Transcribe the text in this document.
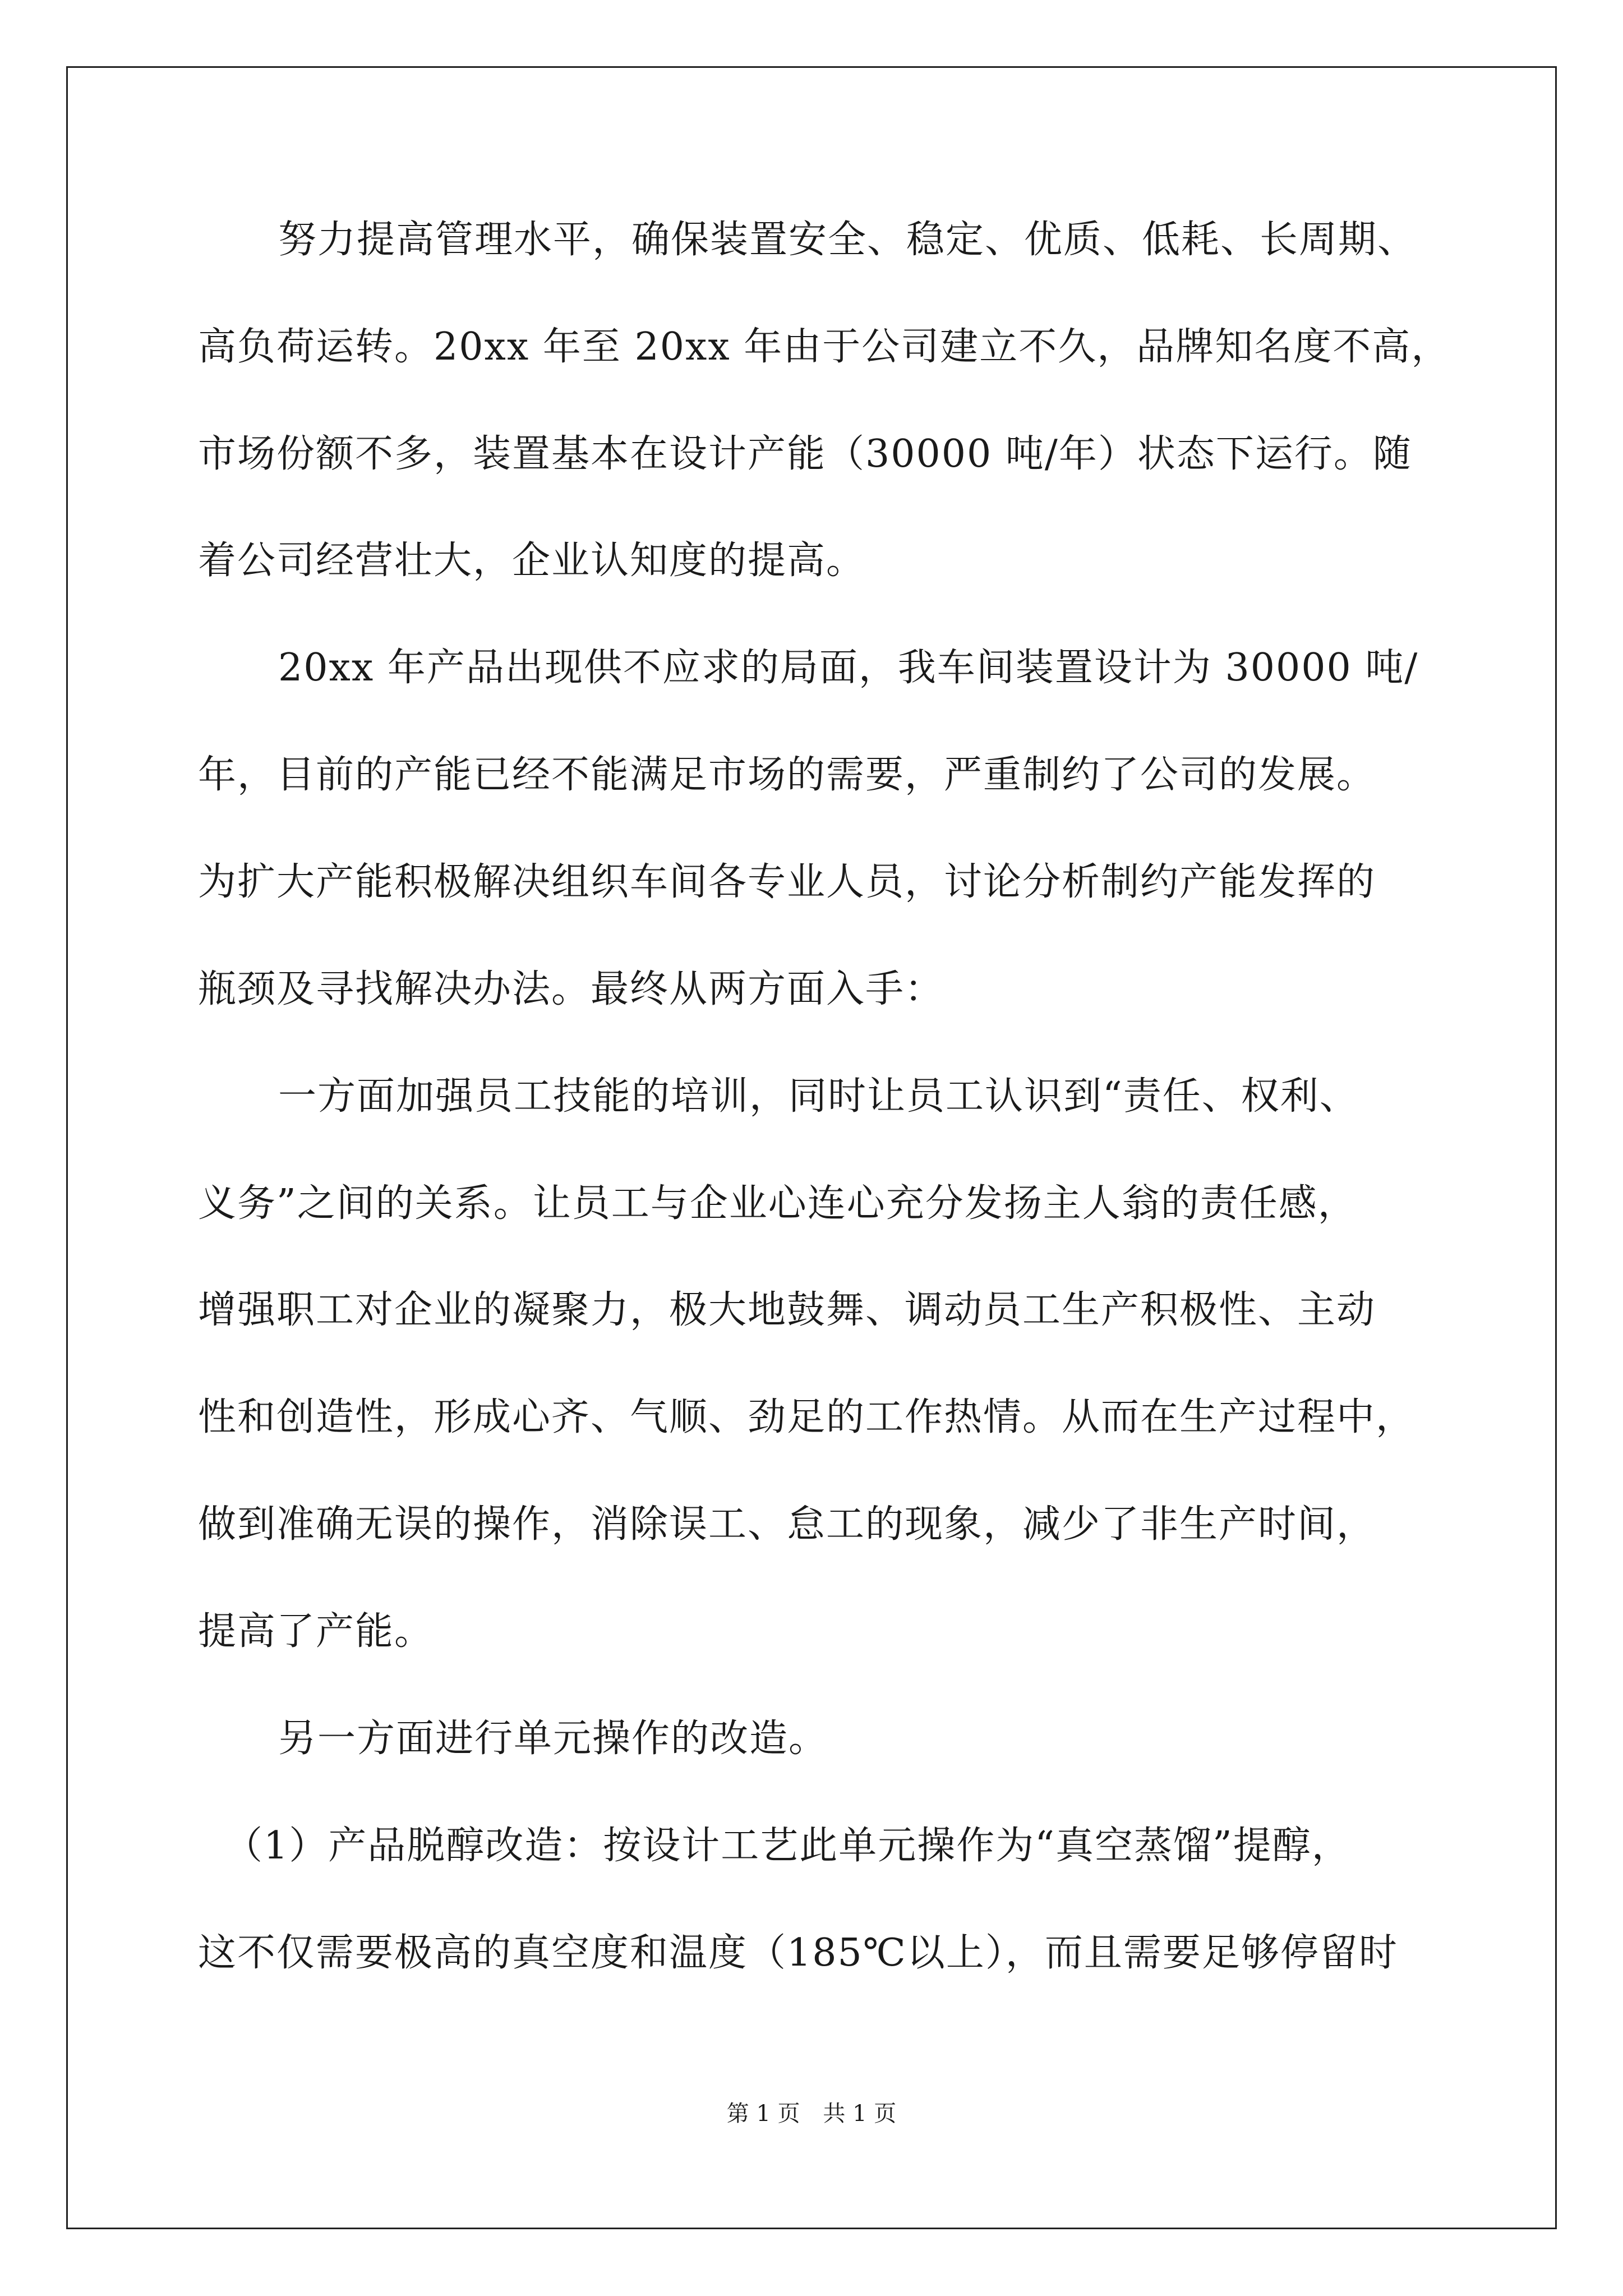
努力提高管理水平，确保装置安全、稳定、优质、低耗、长周期、
高负荷运转。20xx 年至 20xx 年由于公司建立不久，品牌知名度不高，
市场份额不多，装置基本在设计产能（30000 吨/年）状态下运行。随
着公司经营壮大，企业认知度的提高。
20xx 年产品出现供不应求的局面，我车间装置设计为 30000 吨/
年，目前的产能已经不能满足市场的需要，严重制约了公司的发展。
为扩大产能积极解决组织车间各专业人员，讨论分析制约产能发挥的
瓶颈及寻找解决办法。最终从两方面入手：
一方面加强员工技能的培训，同时让员工认识到“责任、权利、
义务”之间的关系。让员工与企业心连心充分发扬主人翁的责任感，
增强职工对企业的凝聚力，极大地鼓舞、调动员工生产积极性、主动
性和创造性，形成心齐、气顺、劲足的工作热情。从而在生产过程中，
做到准确无误的操作，消除误工、怠工的现象，减少了非生产时间，
提高了产能。
另一方面进行单元操作的改造。
（1）产品脱醇改造：按设计工艺此单元操作为“真空蒸馏”提醇，
这不仅需要极高的真空度和温度（185℃以上），而且需要足够停留时
第 1 页 共 1 页
